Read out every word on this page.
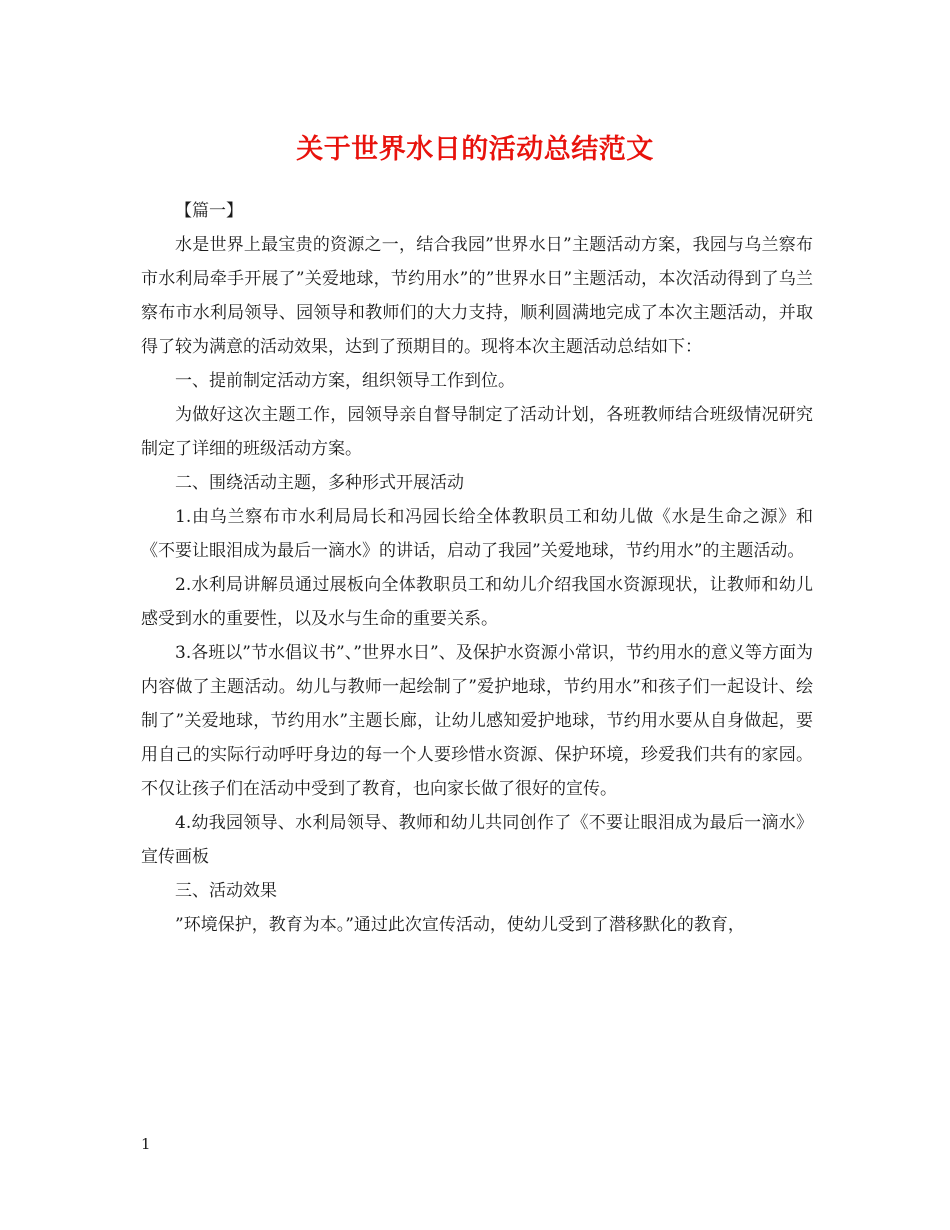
关于世界水日的活动总结范文

【篇一】

水是世界上最宝贵的资源之一，结合我园”世界水日”主题活动方案，我园与乌兰察布市水利局牵手开展了”关爱地球，节约用水”的”世界水日”主题活动，本次活动得到了乌兰察布市水利局领导、园领导和教师们的大力支持，顺利圆满地完成了本次主题活动，并取得了较为满意的活动效果，达到了预期目的。现将本次主题活动总结如下：

一、提前制定活动方案，组织领导工作到位。

为做好这次主题工作，园领导亲自督导制定了活动计划，各班教师结合班级情况研究制定了详细的班级活动方案。

二、围绕活动主题，多种形式开展活动

1.由乌兰察布市水利局局长和冯园长给全体教职员工和幼儿做《水是生命之源》和《不要让眼泪成为最后一滴水》的讲话，启动了我园”关爱地球，节约用水”的主题活动。

2.水利局讲解员通过展板向全体教职员工和幼儿介绍我国水资源现状，让教师和幼儿感受到水的重要性，以及水与生命的重要关系。

3.各班以”节水倡议书”、”世界水日”、及保护水资源小常识，节约用水的意义等方面为内容做了主题活动。幼儿与教师一起绘制了”爱护地球，节约用水”和孩子们一起设计、绘制了”关爱地球，节约用水”主题长廊，让幼儿感知爱护地球，节约用水要从自身做起，要用自己的实际行动呼吁身边的每一个人要珍惜水资源、保护环境，珍爱我们共有的家园。不仅让孩子们在活动中受到了教育，也向家长做了很好的宣传。

4.幼我园领导、水利局领导、教师和幼儿共同创作了《不要让眼泪成为最后一滴水》宣传画板

三、活动效果

”环境保护，教育为本。”通过此次宣传活动，使幼儿受到了潜移默化的教育，

1
